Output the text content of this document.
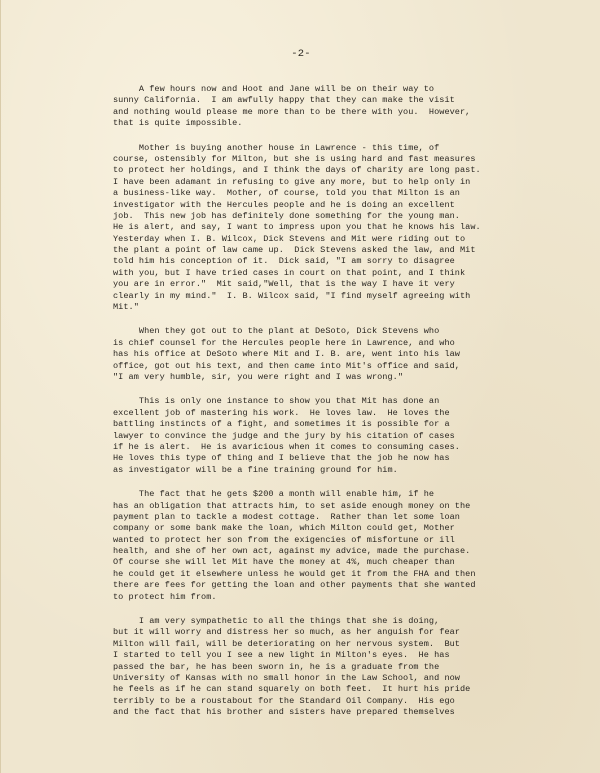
-2-
A few hours now and Hoot and Jane will be on their way to
sunny California.  I am awfully happy that they can make the visit
and nothing would please me more than to be there with you.  However,
that is quite impossible.
Mother is buying another house in Lawrence - this time, of
course, ostensibly for Milton, but she is using hard and fast measures
to protect her holdings, and I think the days of charity are long past.
I have been adamant in refusing to give any more, but to help only in
a business-like way.  Mother, of course, told you that Milton is an
investigator with the Hercules people and he is doing an excellent
job.  This new job has definitely done something for the young man.
He is alert, and say, I want to impress upon you that he knows his law.
Yesterday when I. B. Wilcox, Dick Stevens and Mit were riding out to
the plant a point of law came up.  Dick Stevens asked the law, and Mit
told him his conception of it.  Dick said, "I am sorry to disagree
with you, but I have tried cases in court on that point, and I think
you are in error."  Mit said,"Well, that is the way I have it very
clearly in my mind."  I. B. Wilcox said, "I find myself agreeing with
Mit."
When they got out to the plant at DeSoto, Dick Stevens who
is chief counsel for the Hercules people here in Lawrence, and who
has his office at DeSoto where Mit and I. B. are, went into his law
office, got out his text, and then came into Mit's office and said,
"I am very humble, sir, you were right and I was wrong."
This is only one instance to show you that Mit has done an
excellent job of mastering his work.  He loves law.  He loves the
battling instincts of a fight, and sometimes it is possible for a
lawyer to convince the judge and the jury by his citation of cases
if he is alert.  He is avaricious when it comes to consuming cases.
He loves this type of thing and I believe that the job he now has
as investigator will be a fine training ground for him.
The fact that he gets $200 a month will enable him, if he
has an obligation that attracts him, to set aside enough money on the
payment plan to tackle a modest cottage.  Rather than let some loan
company or some bank make the loan, which Milton could get, Mother
wanted to protect her son from the exigencies of misfortune or ill
health, and she of her own act, against my advice, made the purchase.
Of course she will let Mit have the money at 4%, much cheaper than
he could get it elsewhere unless he would get it from the FHA and then
there are fees for getting the loan and other payments that she wanted
to protect him from.
I am very sympathetic to all the things that she is doing,
but it will worry and distress her so much, as her anguish for fear
Milton will fail, will be deteriorating on her nervous system.  But
I started to tell you I see a new light in Milton's eyes.  He has
passed the bar, he has been sworn in, he is a graduate from the
University of Kansas with no small honor in the Law School, and now
he feels as if he can stand squarely on both feet.  It hurt his pride
terribly to be a roustabout for the Standard Oil Company.  His ego
and the fact that his brother and sisters have prepared themselves
